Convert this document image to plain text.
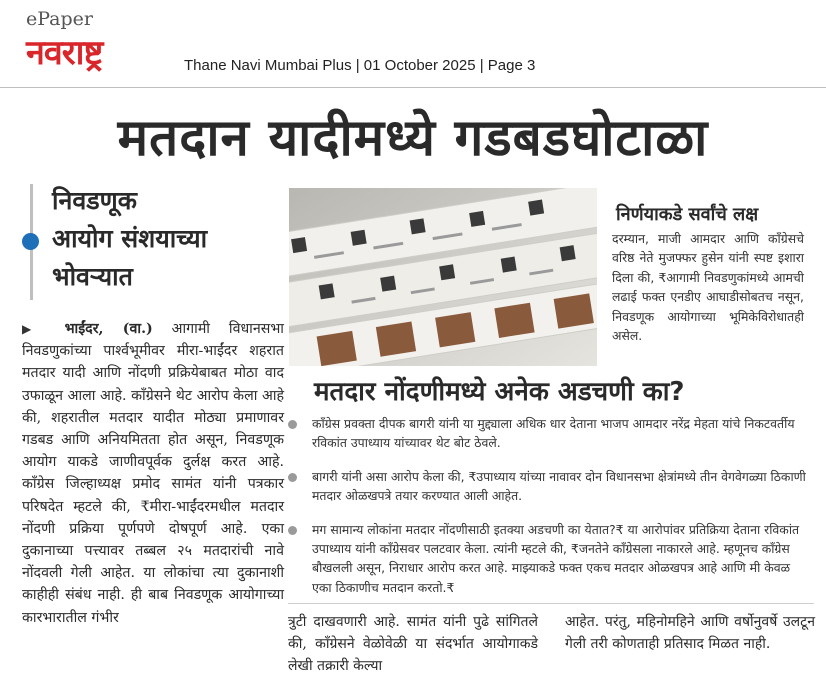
ePaper
नवराष्ट्र	Thane Navi Mumbai Plus | 01 October 2025 | Page 3
मतदान यादीमध्ये गडबडघोटाळा
निवडणूक
आयोग संशयाच्या
भोवऱ्यात
▶ भाईंदर, (वा.) आगामी विधानसभा निवडणुकांच्या पार्श्वभूमीवर मीरा-भाईंदर शहरात मतदार यादी आणि नोंदणी प्रक्रियेबाबत मोठा वाद उफाळून आला आहे. कॉंग्रेसने थेट आरोप केला आहे की, शहरातील मतदार यादीत मोठ्या प्रमाणावर गडबड आणि अनियमितता होत असून, निवडणूक आयोग याकडे जाणीवपूर्वक दुर्लक्ष करत आहे. कॉंग्रेस जिल्हाध्यक्ष प्रमोद सामंत यांनी पत्रकार परिषदेत म्हटले की, ₹मीरा-भाईंदरमधील मतदार नोंदणी प्रक्रिया पूर्णपणे दोषपूर्ण आहे. एका दुकानाच्या पत्त्यावर तब्बल २५ मतदारांची नावे नोंदवली गेली आहेत. या लोकांचा त्या दुकानाशी काहीही संबंध नाही. ही बाब निवडणूक आयोगाच्या कारभारातील गंभीर
निर्णयाकडे सर्वांचे लक्ष
दरम्यान, माजी आमदार आणि कॉंग्रेसचे वरिष्ठ नेते मुजफ्फर हुसेन यांनी स्पष्ट इशारा दिला की, ₹आगामी निवडणुकांमध्ये आमची लढाई फक्त एनडीए आघाडीसोबतच नसून, निवडणूक आयोगाच्या भूमिकेविरोधातही असेल.
मतदार नोंदणीमध्ये अनेक अडचणी का?
कॉंग्रेस प्रवक्ता दीपक बागरी यांनी या मुद्द्याला अधिक धार देताना भाजप आमदार नरेंद्र मेहता यांचे निकटवर्तीय रविकांत उपाध्याय यांच्यावर थेट बोट ठेवले.
बागरी यांनी असा आरोप केला की, ₹उपाध्याय यांच्या नावावर दोन विधानसभा क्षेत्रांमध्ये तीन वेगवेगळ्या ठिकाणी मतदार ओळखपत्रे तयार करण्यात आली आहेत.
मग सामान्य लोकांना मतदार नोंदणीसाठी इतक्या अडचणी का येतात?₹ या आरोपांवर प्रतिक्रिया देताना रविकांत उपाध्याय यांनी कॉंग्रेसवर पलटवार केला. त्यांनी म्हटले की, ₹जनतेने कॉंग्रेसला नाकारले आहे. म्हणूनच कॉंग्रेस बौखलली असून, निराधार आरोप करत आहे. माझ्याकडे फक्त एकच मतदार ओळखपत्र आहे आणि मी केवळ एका ठिकाणीच मतदान करतो.₹
त्रुटी दाखवणारी आहे. सामंत यांनी पुढे सांगितले की, कॉंग्रेसने वेळोवेळी या संदर्भात आयोगाकडे लेखी तक्रारी केल्या
आहेत. परंतु, महिनोमहिने आणि वर्षोनुवर्षे उलटून गेली तरी कोणताही प्रतिसाद मिळत नाही.
